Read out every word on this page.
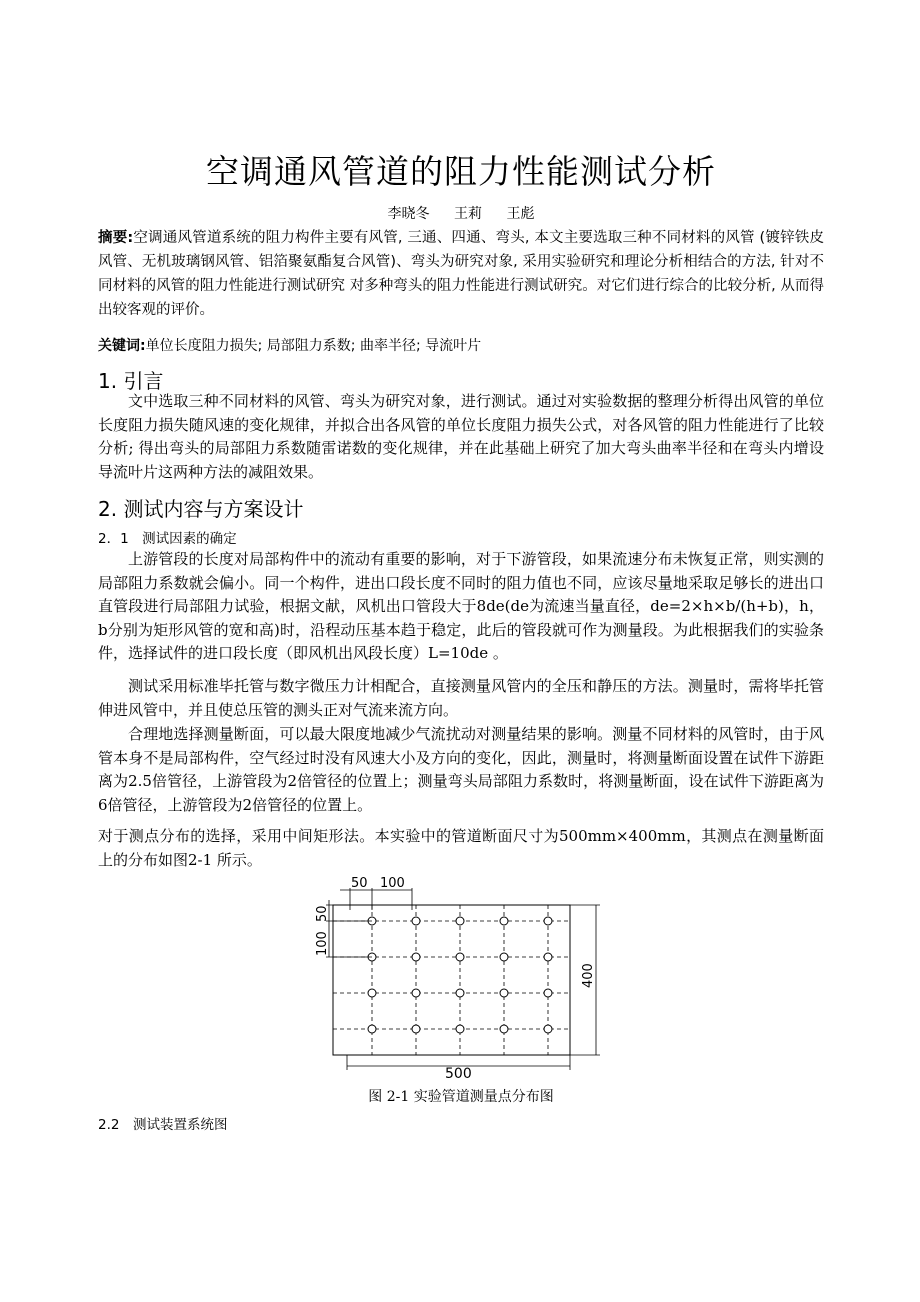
空调通风管道的阻力性能测试分析
李晓冬 王莉 王彪
摘要:空调通风管道系统的阻力构件主要有风管, 三通、四通、弯头, 本文主要选取三种不同材料的风管 (镀锌铁皮风管、无机玻璃钢风管、铝箔聚氨酯复合风管)、弯头为研究对象, 采用实验研究和理论分析相结合的方法, 针对不同材料的风管的阻力性能进行测试研究 对多种弯头的阻力性能进行测试研究。对它们进行综合的比较分析, 从而得出较客观的评价。
关键词:单位长度阻力损失; 局部阻力系数; 曲率半径; 导流叶片
1. 引言
文中选取三种不同材料的风管、弯头为研究对象，进行测试。通过对实验数据的整理分析得出风管的单位长度阻力损失随风速的变化规律，并拟合出各风管的单位长度阻力损失公式，对各风管的阻力性能进行了比较分析; 得出弯头的局部阻力系数随雷诺数的变化规律，并在此基础上研究了加大弯头曲率半径和在弯头内增设导流叶片这两种方法的减阻效果。
2. 测试内容与方案设计
2．1　测试因素的确定
上游管段的长度对局部构件中的流动有重要的影响，对于下游管段，如果流速分布未恢复正常，则实测的局部阻力系数就会偏小。同一个构件，进出口段长度不同时的阻力值也不同，应该尽量地采取足够长的进出口直管段进行局部阻力试验，根据文献，风机出口管段大于8de(de为流速当量直径，de=2×h×b/(h+b)，h，b分别为矩形风管的宽和高)时，沿程动压基本趋于稳定，此后的管段就可作为测量段。为此根据我们的实验条件，选择试件的进口段长度（即风机出风段长度）L=10de 。
测试采用标准毕托管与数字微压力计相配合，直接测量风管内的全压和静压的方法。测量时，需将毕托管伸进风管中，并且使总压管的测头正对气流来流方向。
合理地选择测量断面，可以最大限度地减少气流扰动对测量结果的影响。测量不同材料的风管时，由于风管本身不是局部构件，空气经过时没有风速大小及方向的变化，因此，测量时，将测量断面设置在试件下游距离为2.5倍管径，上游管段为2倍管径的位置上；测量弯头局部阻力系数时，将测量断面，设在试件下游距离为6倍管径，上游管段为2倍管径的位置上。
对于测点分布的选择，采用中间矩形法。本实验中的管道断面尺寸为500mm×400mm，其测点在测量断面上的分布如图2-1 所示。
图 2-1 实验管道测量点分布图
2.2　测试装置系统图
50 100
50
100
400
500
